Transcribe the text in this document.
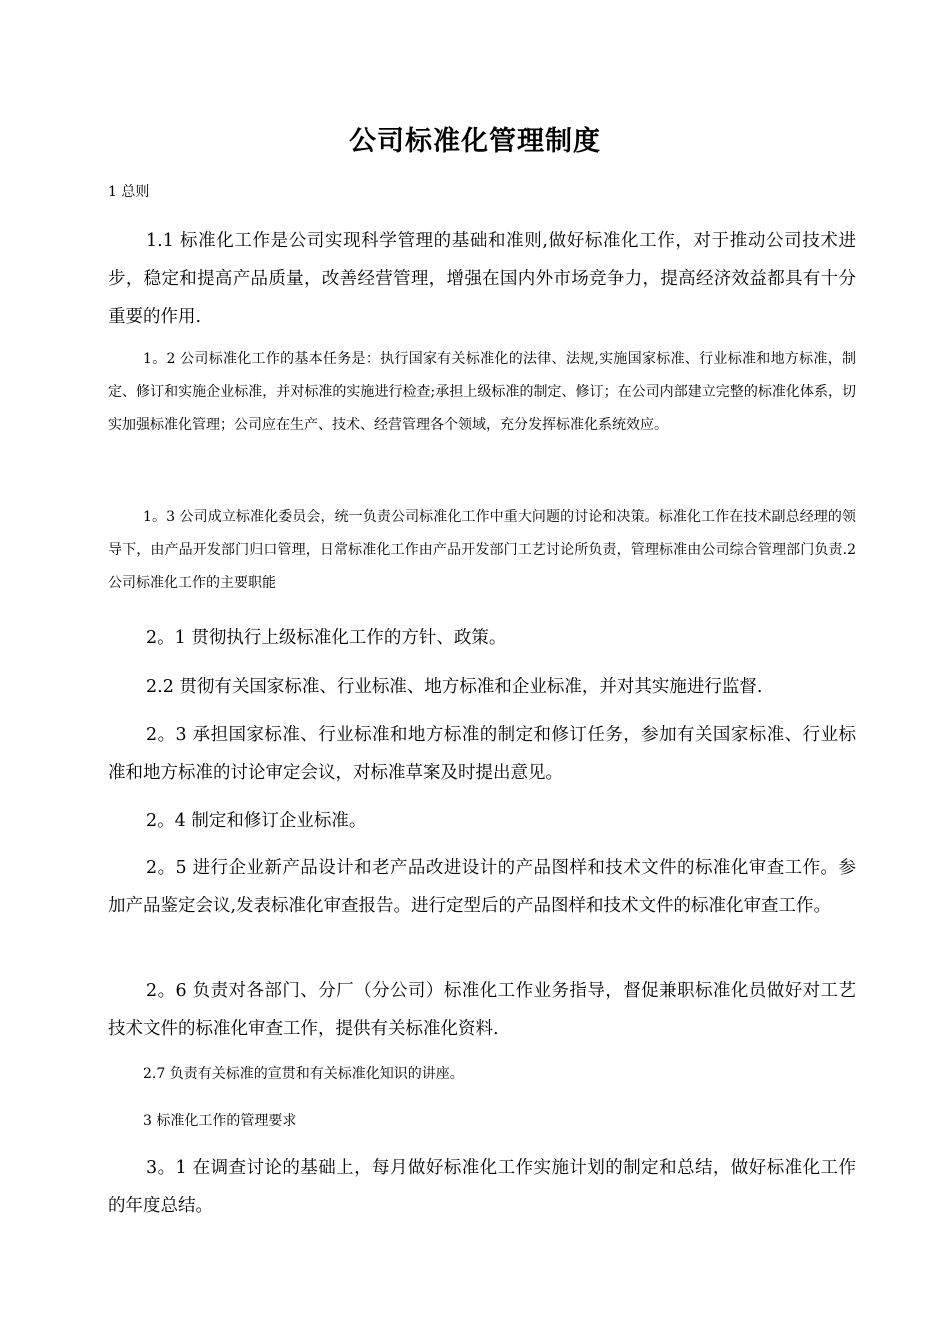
公司标准化管理制度

1 总则

1.1 标准化工作是公司实现科学管理的基础和准则,做好标准化工作，对于推动公司技术进步，稳定和提高产品质量，改善经营管理，增强在国内外市场竞争力，提高经济效益都具有十分重要的作用.

1。2 公司标准化工作的基本任务是：执行国家有关标准化的法律、法规,实施国家标准、行业标准和地方标准，制定、修订和实施企业标准，并对标准的实施进行检查;承担上级标准的制定、修订；在公司内部建立完整的标准化体系，切实加强标准化管理；公司应在生产、技术、经营管理各个领域，充分发挥标准化系统效应。

1。3 公司成立标准化委员会，统一负责公司标准化工作中重大问题的讨论和决策。标准化工作在技术副总经理的领导下，由产品开发部门归口管理，日常标准化工作由产品开发部门工艺讨论所负责，管理标准由公司综合管理部门负责.2 公司标准化工作的主要职能

2。1 贯彻执行上级标准化工作的方针、政策。

2.2 贯彻有关国家标准、行业标准、地方标准和企业标准，并对其实施进行监督.

2。3 承担国家标准、行业标准和地方标准的制定和修订任务，参加有关国家标准、行业标准和地方标准的讨论审定会议，对标准草案及时提出意见。

2。4 制定和修订企业标准。

2。5 进行企业新产品设计和老产品改进设计的产品图样和技术文件的标准化审查工作。参加产品鉴定会议,发表标准化审查报告。进行定型后的产品图样和技术文件的标准化审查工作。

2。6 负责对各部门、分厂（分公司）标准化工作业务指导，督促兼职标准化员做好对工艺技术文件的标准化审查工作，提供有关标准化资料.

2.7 负责有关标准的宣贯和有关标准化知识的讲座。

3 标准化工作的管理要求

3。1 在调查讨论的基础上，每月做好标准化工作实施计划的制定和总结，做好标准化工作的年度总结。
